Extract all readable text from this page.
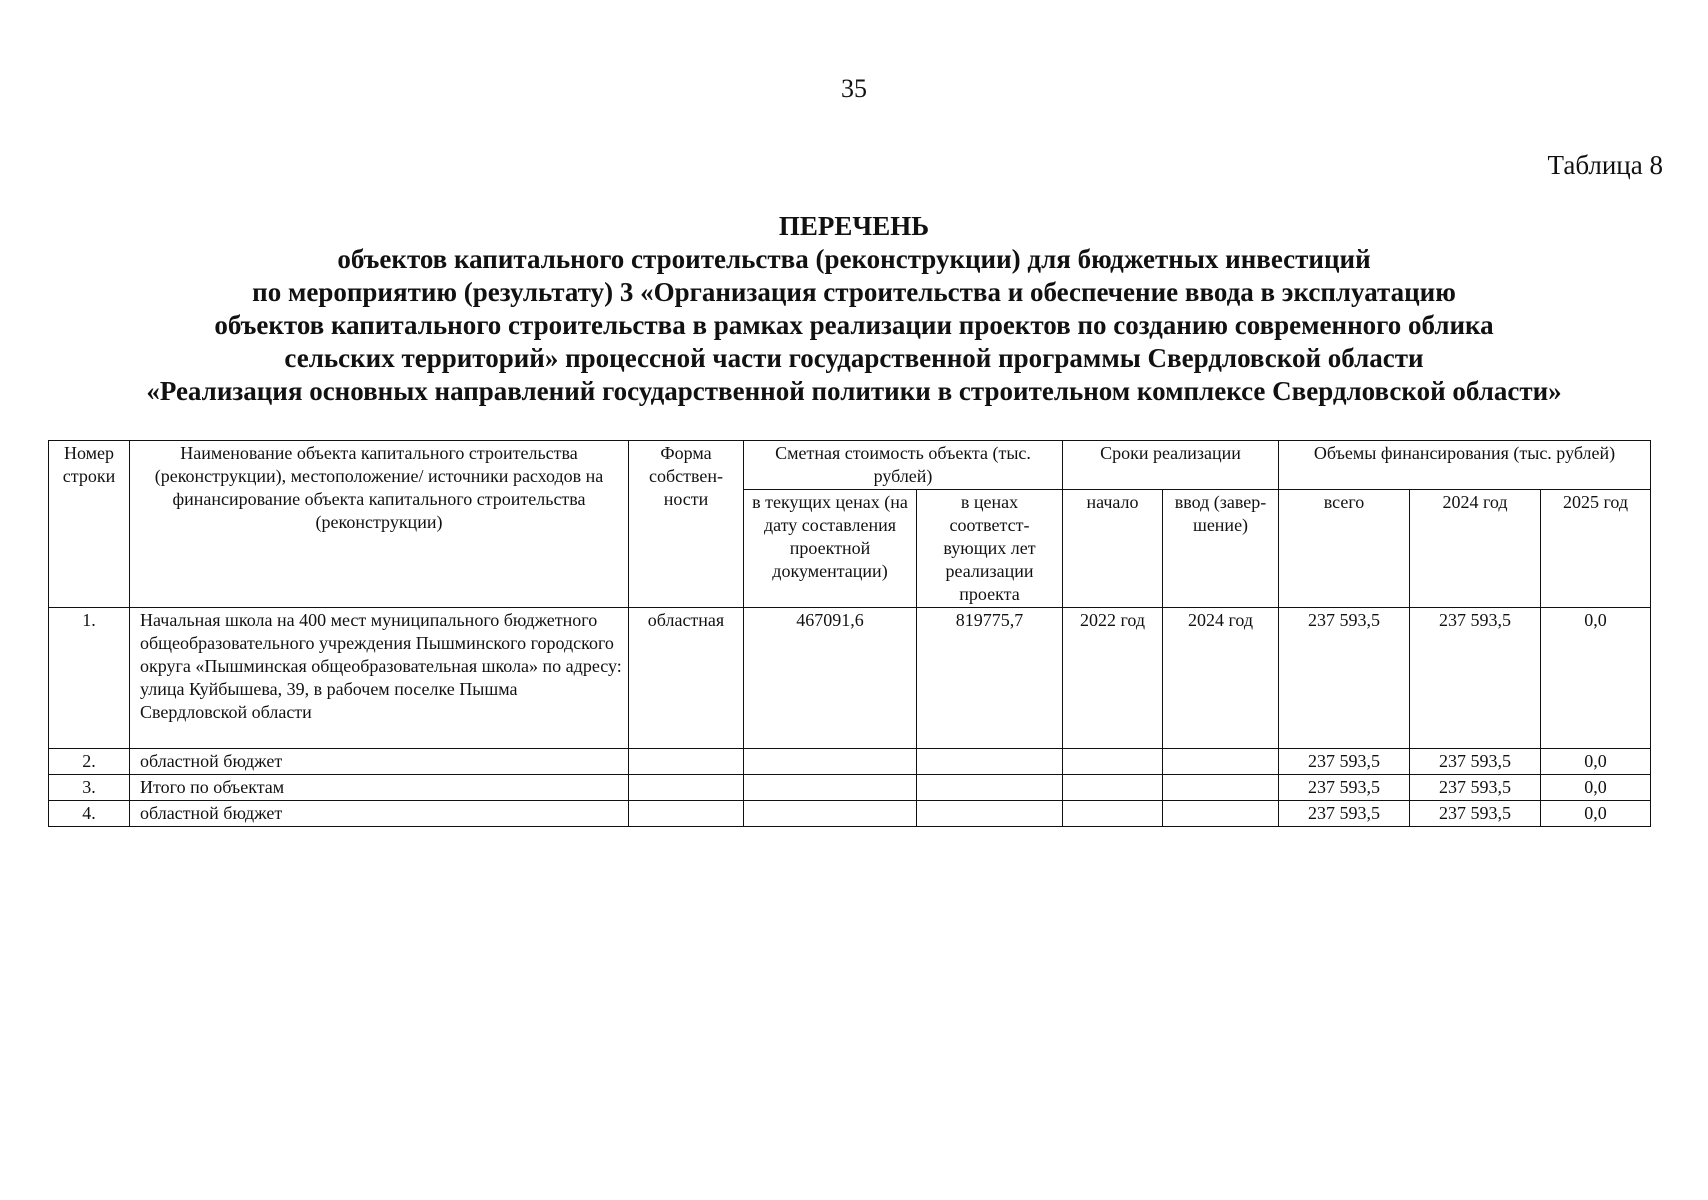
35
Таблица 8
ПЕРЕЧЕНЬ
объектов капитального строительства (реконструкции) для бюджетных инвестиций
по мероприятию (результату) 3 «Организация строительства и обеспечение ввода в эксплуатацию
объектов капитального строительства в рамках реализации проектов по созданию современного облика
сельских территорий» процессной части государственной программы Свердловской области
«Реализация основных направлений государственной политики в строительном комплексе Свердловской области»
Номер строки	Наименование объекта капитального строительства (реконструкции), местоположение/ источники расходов на финансирование объекта капитального строительства (реконструкции)	Форма собствен- ности	Сметная стоимость объекта (тыс. рублей)		Сроки реализации		Объемы финансирования (тыс. рублей)		
			в текущих ценах (на дату составления проектной документации)	в ценах соответст- вующих лет реализации проекта	начало	ввод (завер- шение)	всего	2024 год	2025 год
1.	Начальная школа на 400 мест муниципального бюджетного общеобразовательного учреждения Пышминского городского округа «Пышминская общеобразовательная школа» по адресу: улица Куйбышева, 39, в рабочем поселке Пышма Свердловской области	областная	467091,6	819775,7	2022 год	2024 год	237 593,5	237 593,5	0,0
2.	областной бюджет						237 593,5	237 593,5	0,0
3.	Итого по объектам						237 593,5	237 593,5	0,0
4.	областной бюджет						237 593,5	237 593,5	0,0
